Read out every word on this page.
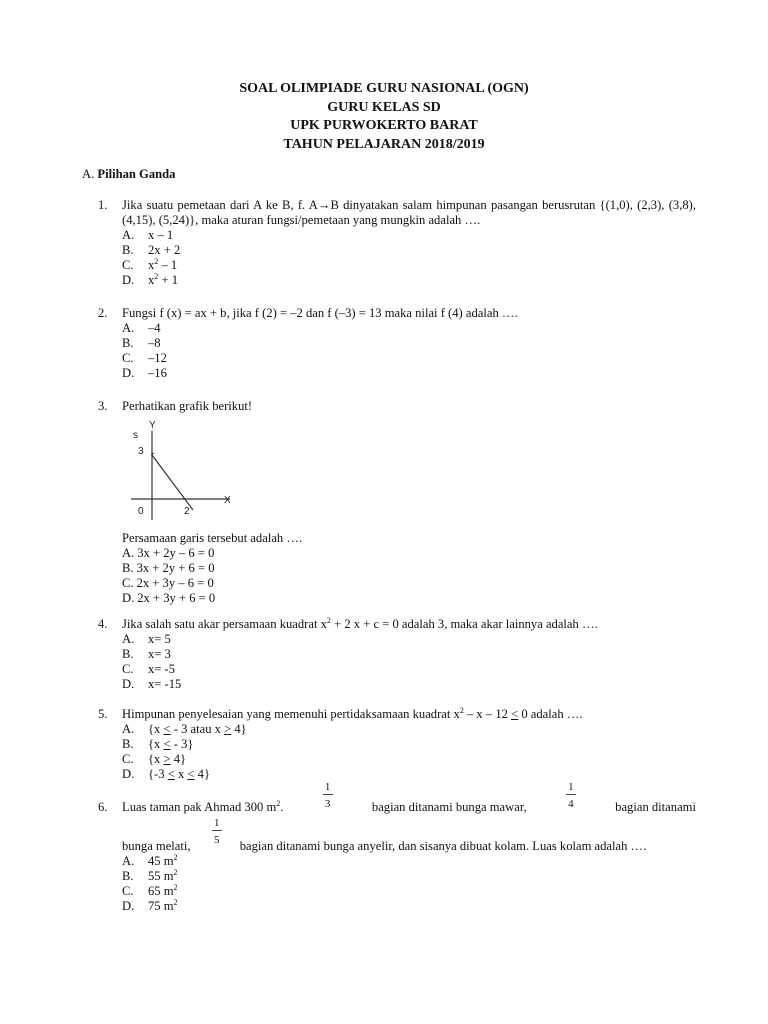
SOAL OLIMPIADE GURU NASIONAL (OGN)
GURU KELAS SD
UPK PURWOKERTO BARAT
TAHUN PELAJARAN 2018/2019
A. Pilihan Ganda
1. Jika suatu pemetaan dari A ke B, f. A→B dinyatakan salam himpunan pasangan berusrutan {(1,0), (2,3), (3,8), (4,15), (5,24)}, maka aturan fungsi/pemetaan yang mungkin adalah ….
A. x – 1
B. 2x + 2
C. $x^2 - 1$
D. $x^2 + 1$
2. Fungsi f (x) = ax + b, jika f (2) = –2 dan f (–3) = 13 maka nilai f (4) adalah ….
A. –4
B. –8
C. –12
D. –16
3. Perhatikan grafik berikut!
Y
s
3
X
0	2
Persamaan garis tersebut adalah ….
A. 3x + 2y – 6 = 0
B. 3x + 2y + 6 = 0
C. 2x + 3y – 6 = 0
D. 2x + 3y + 6 = 0
4. Jika salah satu akar persamaan kuadrat $x^2 + 2$ x + c = 0 adalah 3, maka akar lainnya adalah ….
A. x= 5
B. x= 3
C. x= -5
D. x= -15
5. Himpunan penyelesaian yang memenuhi pertidaksamaan kuadrat $x^2 - x - 12 < 0$ adalah ….
A. {x < - 3 atau x > 4}
B. {x < - 3}
C. {x > 4}
D. {-3 < x < 4}
6. Luas taman pak Ahmad 300 $m^2$.	$\frac{1}{3}$	bagian ditanami bunga mawar,	$\frac{1}{4}$	bagian ditanami
bunga melati, $\frac{1}{5}$ bagian ditanami bunga anyelir, dan sisanya dibuat kolam. Luas kolam adalah ….
A. 45 $m^2$
B. 55 $m^2$
C. 65 $m^2$
D. 75 $m^2$
